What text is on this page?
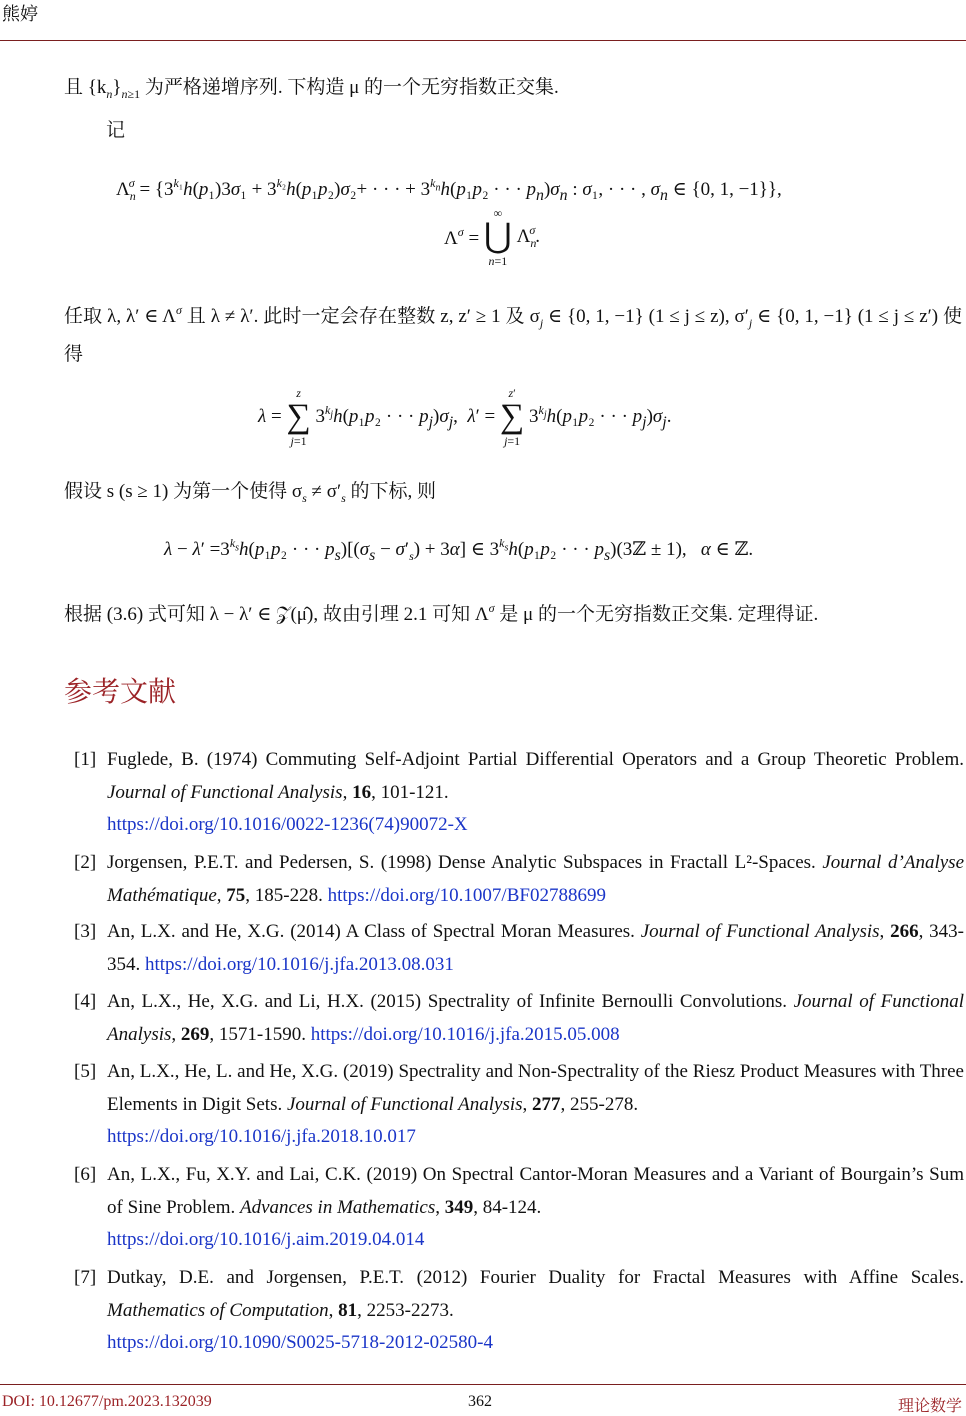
熊婷
且 $\{k_n\}_{n\ge 1}$ 为严格递增序列. 下构造 μ 的一个无穷指数正交集.
记
$\Lambda_n^\sigma = \{3^{k_1}h(p_1)3\sigma_1 + 3^{k_2}h(p_1p_2)\sigma_2+$ · · · + $3^{k_n}h(p_1p_2$ · · · $p_n)\sigma_n$ : σ₁, · · · , $\sigma_n$ ∈ {0, 1, −1}},
$\Lambda^\sigma$ =
∞
⋃
n=1
$\Lambda_n^\sigma$.
任取 λ, λ′ ∈ $\Lambda^\sigma$ 且 λ ≠ λ′. 此时一定会存在整数 z, z′ ≥ 1 及 $\sigma_j$ ∈ {0, 1, −1} (1 ≤ j ≤ z), $\sigma'_j$ ∈ {0, 1, −1} (1 ≤ j ≤ z′) 使得
λ =
z
∑
j=1
$3^{k_j}h(p_1p_2$ · · · $p_j)\sigma_j$,  λ′ =
z′
∑
j=1
$3^{k_j}h(p_1p_2$ · · · $p_j)\sigma_j$.
假设 s (s ≥ 1) 为第一个使得 $\sigma_s \ne \sigma'_s$ 的下标, 则
$\lambda - \lambda' =3^{k_s}h(p_1p_2$ · · · $p_s)[(\sigma_s - \sigma'_s) + 3\alpha]$ ∈ $3^{k_s}h(p_1p_2$ · · · $p_s)(3ℤ \pm 1)$,   α ∈ ℤ.
根据 (3.6) 式可知 λ − λ′ ∈ 𝒵(μ̂), 故由引理 2.1 可知 $\Lambda^\sigma$ 是 μ 的一个无穷指数正交集. 定理得证.
参考文献
[1] Fuglede, B. (1974) Commuting Self-Adjoint Partial Differential Operators and a Group Theoretic Problem. Journal of Functional Analysis, 16, 101-121.
https://doi.org/10.1016/0022-1236(74)90072-X
[2] Jorgensen, P.E.T. and Pedersen, S. (1998) Dense Analytic Subspaces in Fractall L²-Spaces. Journal d’Analyse Mathématique, 75, 185-228. https://doi.org/10.1007/BF02788699
[3] An, L.X. and He, X.G. (2014) A Class of Spectral Moran Measures. Journal of Functional Analysis, 266, 343-354. https://doi.org/10.1016/j.jfa.2013.08.031
[4] An, L.X., He, X.G. and Li, H.X. (2015) Spectrality of Infinite Bernoulli Convolutions. Journal of Functional Analysis, 269, 1571-1590. https://doi.org/10.1016/j.jfa.2015.05.008
[5] An, L.X., He, L. and He, X.G. (2019) Spectrality and Non-Spectrality of the Riesz Product Measures with Three Elements in Digit Sets. Journal of Functional Analysis, 277, 255-278.
https://doi.org/10.1016/j.jfa.2018.10.017
[6] An, L.X., Fu, X.Y. and Lai, C.K. (2019) On Spectral Cantor-Moran Measures and a Variant of Bourgain’s Sum of Sine Problem. Advances in Mathematics, 349, 84-124.
https://doi.org/10.1016/j.aim.2019.04.014
[7] Dutkay, D.E. and Jorgensen, P.E.T. (2012) Fourier Duality for Fractal Measures with Affine Scales. Mathematics of Computation, 81, 2253-2273.
https://doi.org/10.1090/S0025-5718-2012-02580-4
DOI: 10.12677/pm.2023.132039	362	理论数学
